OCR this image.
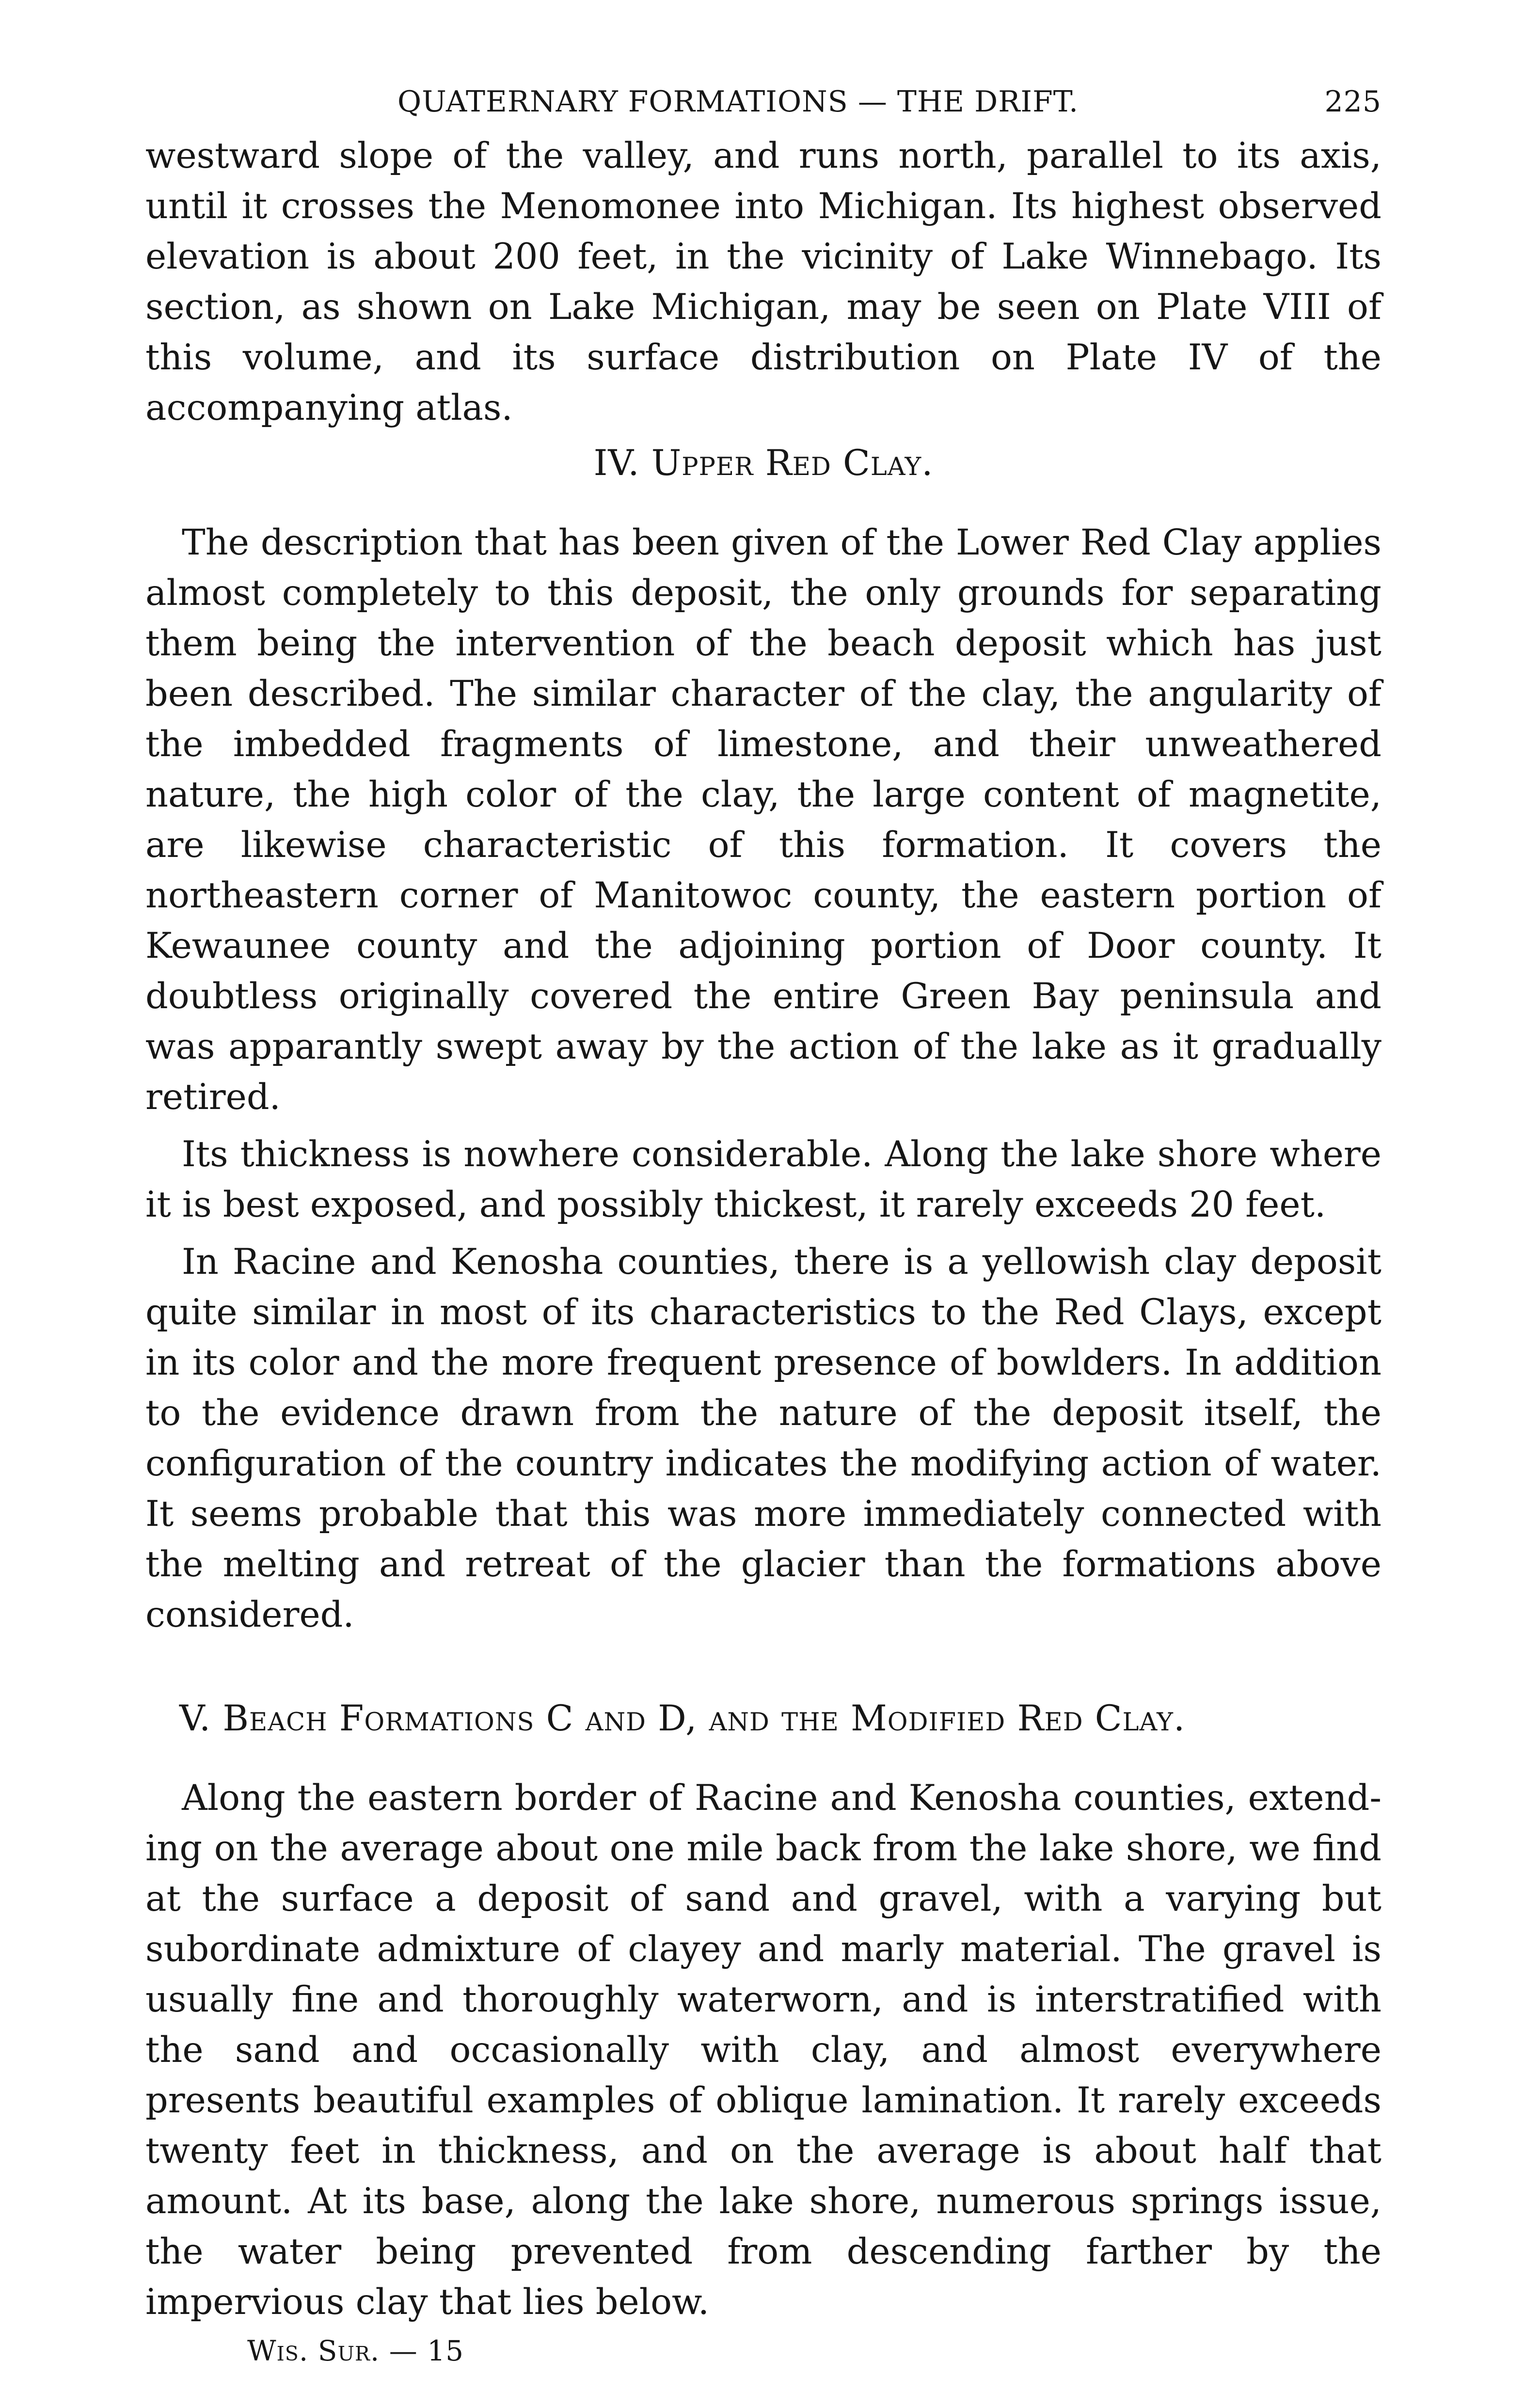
QUATERNARY FORMATIONS — THE DRIFT.	225

westward slope of the valley, and runs north, parallel to its axis, until it crosses the Menomonee into Michigan. Its highest observed elevation is about 200 feet, in the vicinity of Lake Winnebago. Its section, as shown on Lake Michigan, may be seen on Plate VIII of this volume, and its surface distribution on Plate IV of the accompanying atlas.

IV. Upper Red Clay.

The description that has been given of the Lower Red Clay applies almost completely to this deposit, the only grounds for separating them being the intervention of the beach deposit which has just been described. The similar character of the clay, the angularity of the imbedded fragments of limestone, and their unweathered nature, the high color of the clay, the large content of magnetite, are likewise characteristic of this formation. It covers the northeastern corner of Manitowoc county, the eastern portion of Kewaunee county and the adjoining portion of Door county. It doubtless originally covered the entire Green Bay peninsula and was apparantly swept away by the action of the lake as it gradually retired.

Its thickness is nowhere considerable. Along the lake shore where it is best exposed, and possibly thickest, it rarely exceeds 20 feet.

In Racine and Kenosha counties, there is a yellowish clay deposit quite similar in most of its characteristics to the Red Clays, except in its color and the more frequent presence of bowlders. In addition to the evidence drawn from the nature of the deposit itself, the configuration of the country indicates the modifying action of water. It seems probable that this was more immediately connected with the melting and retreat of the glacier than the formations above considered.

V. Beach Formations C and D, and the Modified Red Clay.

Along the eastern border of Racine and Kenosha counties, extending on the average about one mile back from the lake shore, we find at the surface a deposit of sand and gravel, with a varying but subordinate admixture of clayey and marly material. The gravel is usually fine and thoroughly waterworn, and is interstratified with the sand and occasionally with clay, and almost everywhere presents beautiful examples of oblique lamination. It rarely exceeds twenty feet in thickness, and on the average is about half that amount. At its base, along the lake shore, numerous springs issue, the water being prevented from descending farther by the impervious clay that lies below.

Wis. Sur. — 15
